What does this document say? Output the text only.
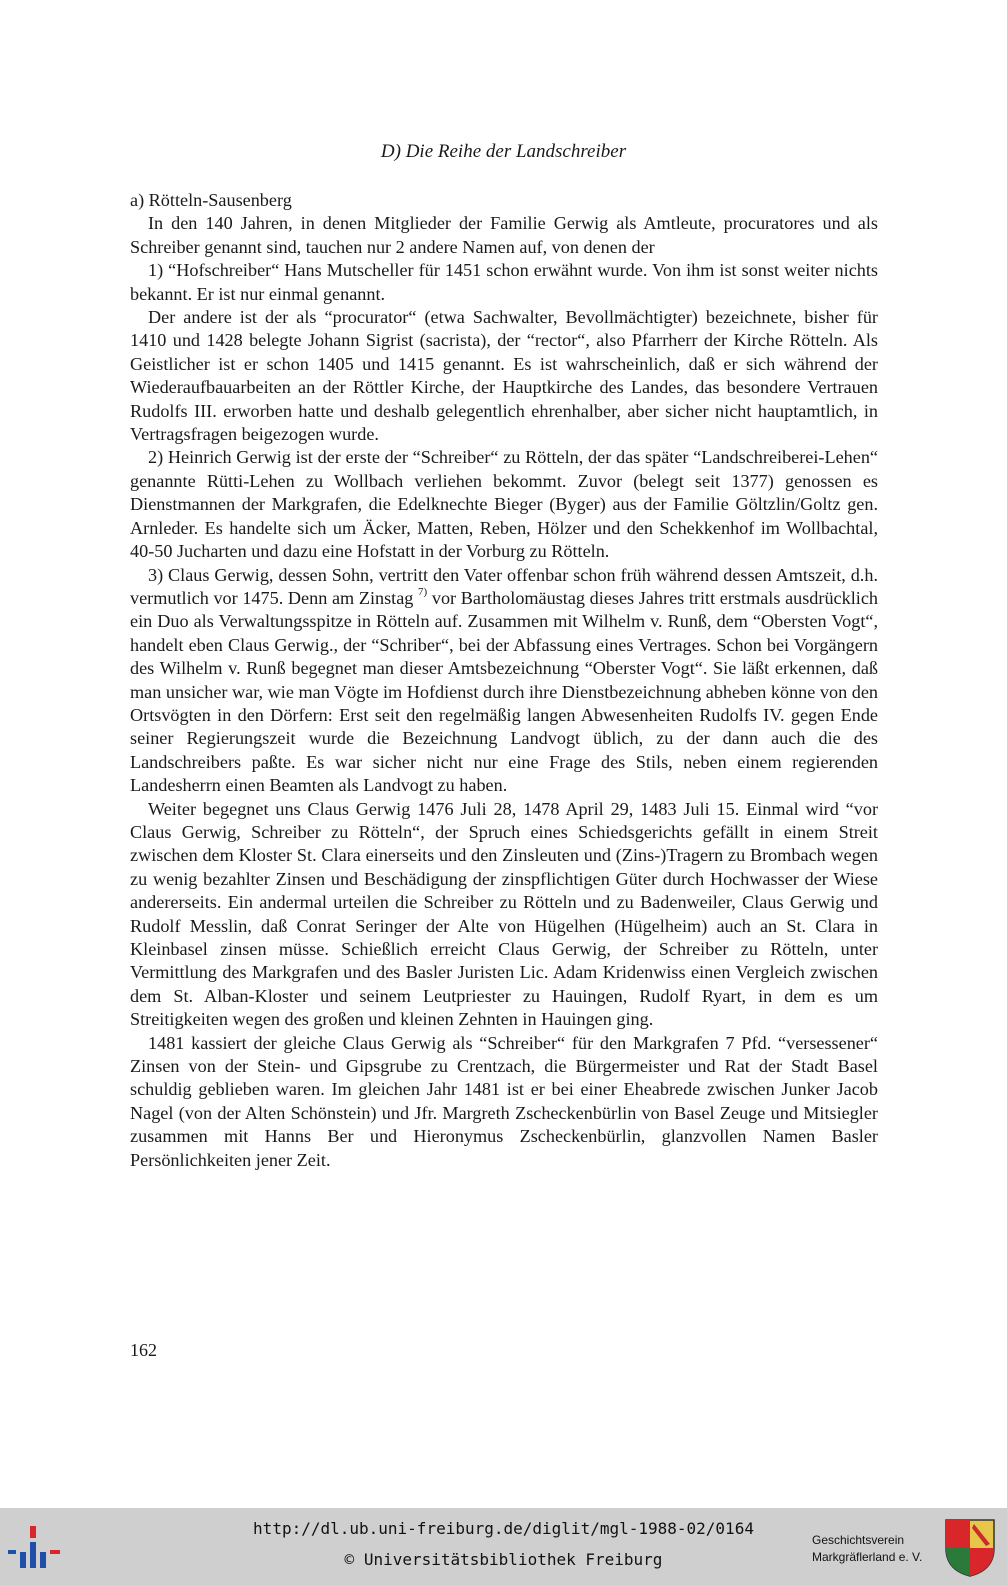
D) Die Reihe der Landschreiber

a) Rötteln-Sausenberg

In den 140 Jahren, in denen Mitglieder der Familie Gerwig als Amtleute, procuratores und als Schreiber genannt sind, tauchen nur 2 andere Namen auf, von denen der

1) “Hofschreiber“ Hans Mutscheller für 1451 schon erwähnt wurde. Von ihm ist sonst weiter nichts bekannt. Er ist nur einmal genannt.

Der andere ist der als “procurator“ (etwa Sachwalter, Bevollmächtigter) bezeichnete, bisher für 1410 und 1428 belegte Johann Sigrist (sacrista), der “rector“, also Pfarrherr der Kirche Rötteln. Als Geistlicher ist er schon 1405 und 1415 genannt. Es ist wahrscheinlich, daß er sich während der Wiederaufbauarbeiten an der Röttler Kirche, der Hauptkirche des Landes, das besondere Vertrauen Rudolfs III. erworben hatte und deshalb gelegentlich ehrenhalber, aber sicher nicht hauptamtlich, in Vertragsfragen beigezogen wurde.

2) Heinrich Gerwig ist der erste der “Schreiber“ zu Rötteln, der das später “Landschreiberei-Lehen“ genannte Rütti-Lehen zu Wollbach verliehen bekommt. Zuvor (belegt seit 1377) genossen es Dienstmannen der Markgrafen, die Edelknechte Bieger (Byger) aus der Familie Göltzlin/Goltz gen. Arnleder. Es handelte sich um Äcker, Matten, Reben, Hölzer und den Schekkenhof im Wollbachtal, 40-50 Jucharten und dazu eine Hofstatt in der Vorburg zu Rötteln.

3) Claus Gerwig, dessen Sohn, vertritt den Vater offenbar schon früh während dessen Amtszeit, d.h. vermutlich vor 1475. Denn am Zinstag $^{7)}$ vor Bartholomäustag dieses Jahres tritt erstmals ausdrücklich ein Duo als Verwaltungsspitze in Rötteln auf. Zusammen mit Wilhelm v. Runß, dem “Obersten Vogt“, handelt eben Claus Gerwig., der “Schriber“, bei der Abfassung eines Vertrages. Schon bei Vorgängern des Wilhelm v. Runß begegnet man dieser Amtsbezeichnung “Oberster Vogt“. Sie läßt erkennen, daß man unsicher war, wie man Vögte im Hofdienst durch ihre Dienstbezeichnung abheben könne von den Ortsvögten in den Dörfern: Erst seit den regelmäßig langen Abwesenheiten Rudolfs IV. gegen Ende seiner Regierungszeit wurde die Bezeichnung Landvogt üblich, zu der dann auch die des Landschreibers paßte. Es war sicher nicht nur eine Frage des Stils, neben einem regierenden Landesherrn einen Beamten als Landvogt zu haben.

Weiter begegnet uns Claus Gerwig 1476 Juli 28, 1478 April 29, 1483 Juli 15. Einmal wird “vor Claus Gerwig, Schreiber zu Rötteln“, der Spruch eines Schiedsgerichts gefällt in einem Streit zwischen dem Kloster St. Clara einerseits und den Zinsleuten und (Zins-)Tragern zu Brombach wegen zu wenig bezahlter Zinsen und Beschädigung der zinspflichtigen Güter durch Hochwasser der Wiese andererseits. Ein andermal urteilen die Schreiber zu Rötteln und zu Badenweiler, Claus Gerwig und Rudolf Messlin, daß Conrat Seringer der Alte von Hügelhen (Hügelheim) auch an St. Clara in Kleinbasel zinsen müsse. Schießlich erreicht Claus Gerwig, der Schreiber zu Rötteln, unter Vermittlung des Markgrafen und des Basler Juristen Lic. Adam Kridenwiss einen Vergleich zwischen dem St. Alban-Kloster und seinem Leutpriester zu Hauingen, Rudolf Ryart, in dem es um Streitigkeiten wegen des großen und kleinen Zehnten in Hauingen ging.

1481 kassiert der gleiche Claus Gerwig als “Schreiber“ für den Markgrafen 7 Pfd. “versessener“ Zinsen von der Stein- und Gipsgrube zu Crentzach, die Bürgermeister und Rat der Stadt Basel schuldig geblieben waren. Im gleichen Jahr 1481 ist er bei einer Eheabrede zwischen Junker Jacob Nagel (von der Alten Schönstein) und Jfr. Margreth Zscheckenbürlin von Basel Zeuge und Mitsiegler zusammen mit Hanns Ber und Hieronymus Zscheckenbürlin, glanzvollen Namen Basler Persönlichkeiten jener Zeit.

162
http://dl.ub.uni-freiburg.de/diglit/mgl-1988-02/0164
© Universitätsbibliothek Freiburg
Geschichtsverein
Markgräflerland e. V.
